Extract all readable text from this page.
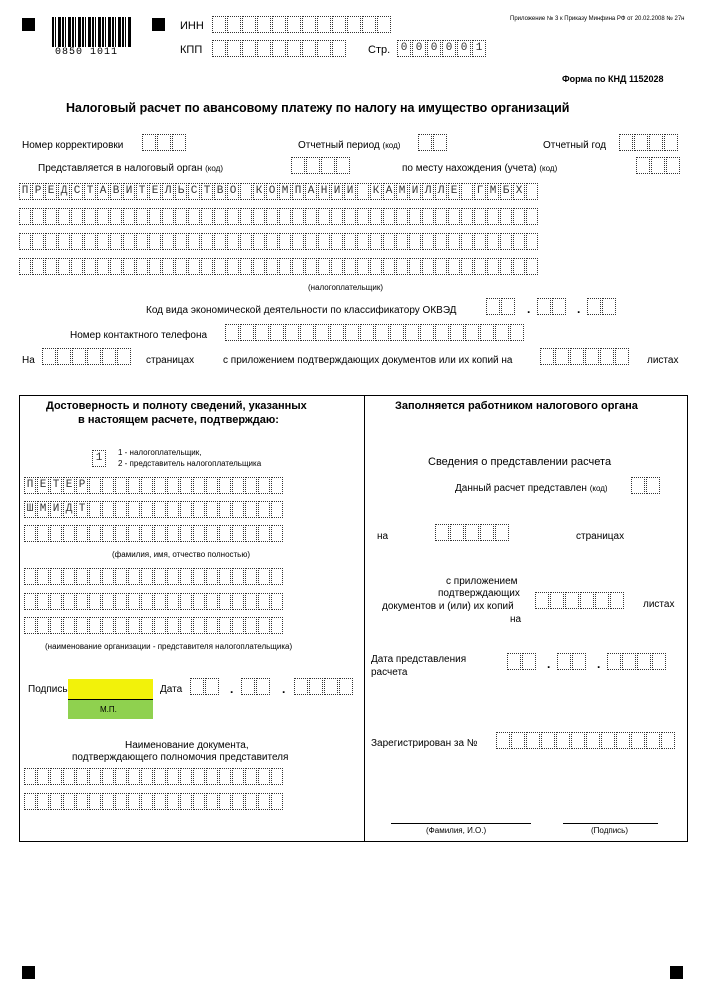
0850 1011
ИНН
КПП	Стр. 0 0 0 0 0 1
Приложение № 3 к Приказу Минфина РФ от 20.02.2008 № 27н
Форма по КНД 1152028
Налоговый расчет по авансовому платежу по налогу на имущество организаций
Номер корректировки	Отчетный период (код)	Отчетный год
Представляется в налоговый орган (код)	по месту нахождения (учета) (код)
П Р Е Д С Т А В И Т Е Л Ь С Т В О К О М П А Н И И К А М И Л Л Е Г М Б Х
(налогоплательщик)
Код вида экономической деятельности по классификатору ОКВЭД	.	.
Номер контактного телефона
На	страницах	с приложением подтверждающих документов или их копий на	листах
Достоверность и полноту сведений, указанных
в настоящем расчете, подтверждаю:
1	1 - налогоплательщик,
2 - представитель налогоплательщика
П Е Т Е Р
Ш М И Д Т
(фамилия, имя, отчество полностью)
(наименование организации - представителя налогоплательщика)
Подпись
М.П.
Дата	.	.
Наименование документа,
подтверждающего полномочия представителя
Заполняется работником налогового органа
Сведения о представлении расчета
Данный расчет представлен (код)
на	страницах
с приложением
подтверждающих
документов и (или) их копий
на
листах
Дата представления
расчета
.	.
Зарегистрирован за №
(Фамилия, И.О.)	(Подпись)
